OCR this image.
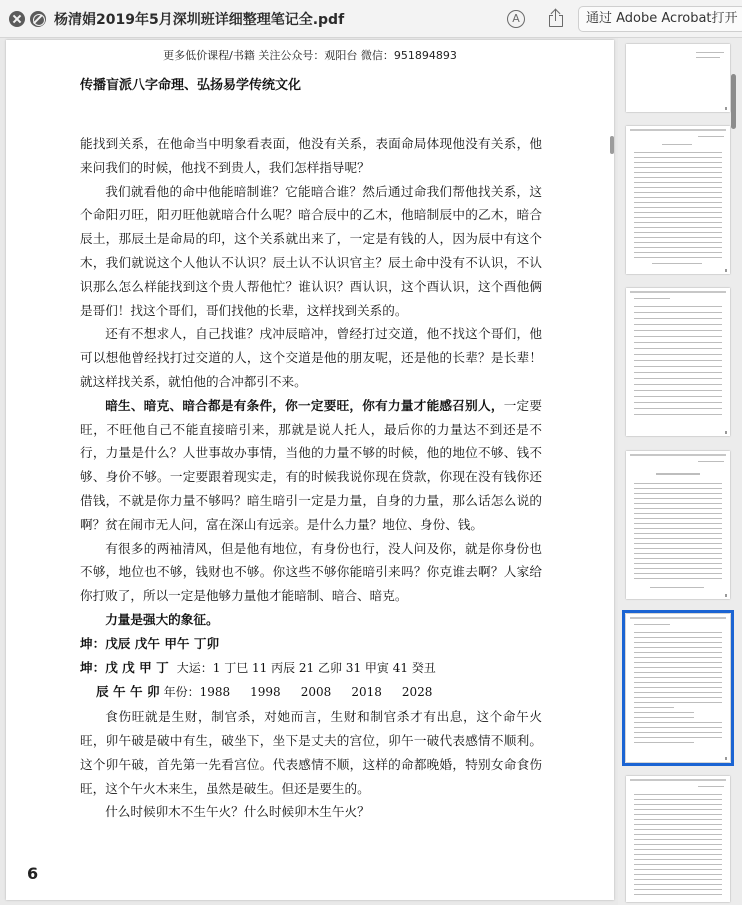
杨清娟2019年5月深圳班详细整理笔记全.pdf	A	通过 Adobe Acrobat打开
更多低价课程/书籍 关注公众号：观阳台 微信：951894893
传播盲派八字命理、弘扬易学传统文化

能找到关系，在他命当中明象看表面，他没有关系，表面命局体现他没有关系，他来问我们的时候，他找不到贵人，我们怎样指导呢？

我们就看他的命中他能暗制谁？它能暗合谁？然后通过命我们帮他找关系，这个命阳刃旺，阳刃旺他就暗合什么呢？暗合辰中的乙木，他暗制辰中的乙木，暗合辰土，那辰土是命局的印，这个关系就出来了，一定是有钱的人，因为辰中有这个木，我们就说这个人他认不认识？辰土认不认识官主？辰土命中没有不认识，不认识那么怎么样能找到这个贵人帮他忙？谁认识？酉认识，这个酉认识，这个酉他俩是哥们！找这个哥们，哥们找他的长辈，这样找到关系的。

还有不想求人，自己找谁？戌冲辰暗冲，曾经打过交道，他不找这个哥们，他可以想他曾经找打过交道的人，这个交道是他的朋友呢，还是他的长辈？是长辈！就这样找关系，就怕他的合冲都引不来。

暗生、暗克、暗合都是有条件，你一定要旺，你有力量才能感召别人，一定要旺，不旺他自己不能直接暗引来，那就是说人托人，最后你的力量达不到还是不行，力量是什么？人世事故办事情，当他的力量不够的时候，他的地位不够、钱不够、身价不够。一定要跟着现实走，有的时候我说你现在贷款，你现在没有钱你还借钱，不就是你力量不够吗？暗生暗引一定是力量，自身的力量，那么话怎么说的啊？贫在闹市无人问，富在深山有远亲。是什么力量？地位、身份、钱。

有很多的两袖清风，但是他有地位，有身份也行，没人问及你，就是你身份也不够，地位也不够，钱财也不够。你这些不够你能暗引来吗？你克谁去啊？人家给你打败了，所以一定是他够力量他才能暗制、暗合、暗克。

力量是强大的象征。

坤：戊辰 戊午 甲午 丁卯

坤：戊 戊 甲 丁 大运：1 丁巳 11 丙辰 21 乙卯 31 甲寅 41 癸丑

辰 午 午 卯 年份：1988 1998 2008 2018 2028

食伤旺就是生财，制官杀，对她而言，生财和制官杀才有出息，这个命午火旺，卯午破是破中有生，破坐下，坐下是丈夫的宫位，卯午一破代表感情不顺利。这个卯午破，首先第一先看宫位。代表感情不顺，这样的命都晚婚，特别女命食伤旺，这个午火木来生，虽然是破生。但还是要生的。

什么时候卯木不生午火？什么时候卯木生午火？

6
